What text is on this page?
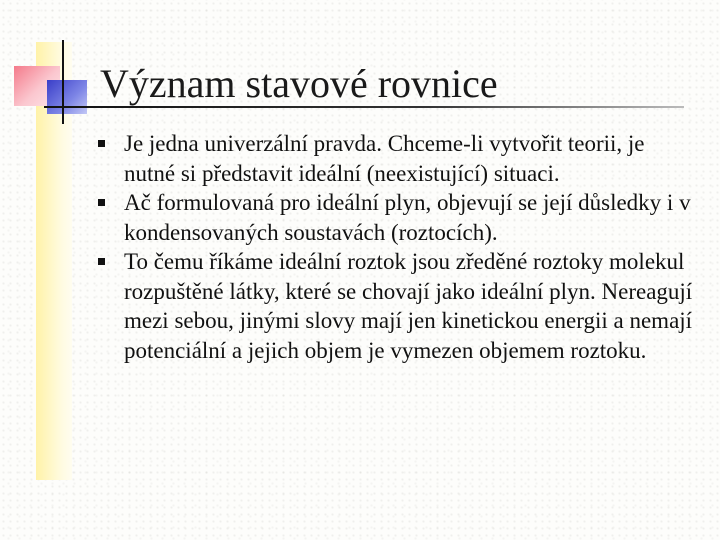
Význam stavové rovnice
Je jedna univerzální pravda. Chceme-li vytvořit teorii, je nutné si představit ideální (neexistující) situaci.
Ač formulovaná pro ideální plyn, objevují se její důsledky i v kondensovaných soustavách (roztocích).
To čemu říkáme ideální roztok jsou zředěné roztoky molekul rozpuštěné látky, které se chovají jako ideální plyn. Nereagují mezi sebou, jinými slovy mají jen kinetickou energii a nemají potenciální a jejich objem je vymezen objemem roztoku.
